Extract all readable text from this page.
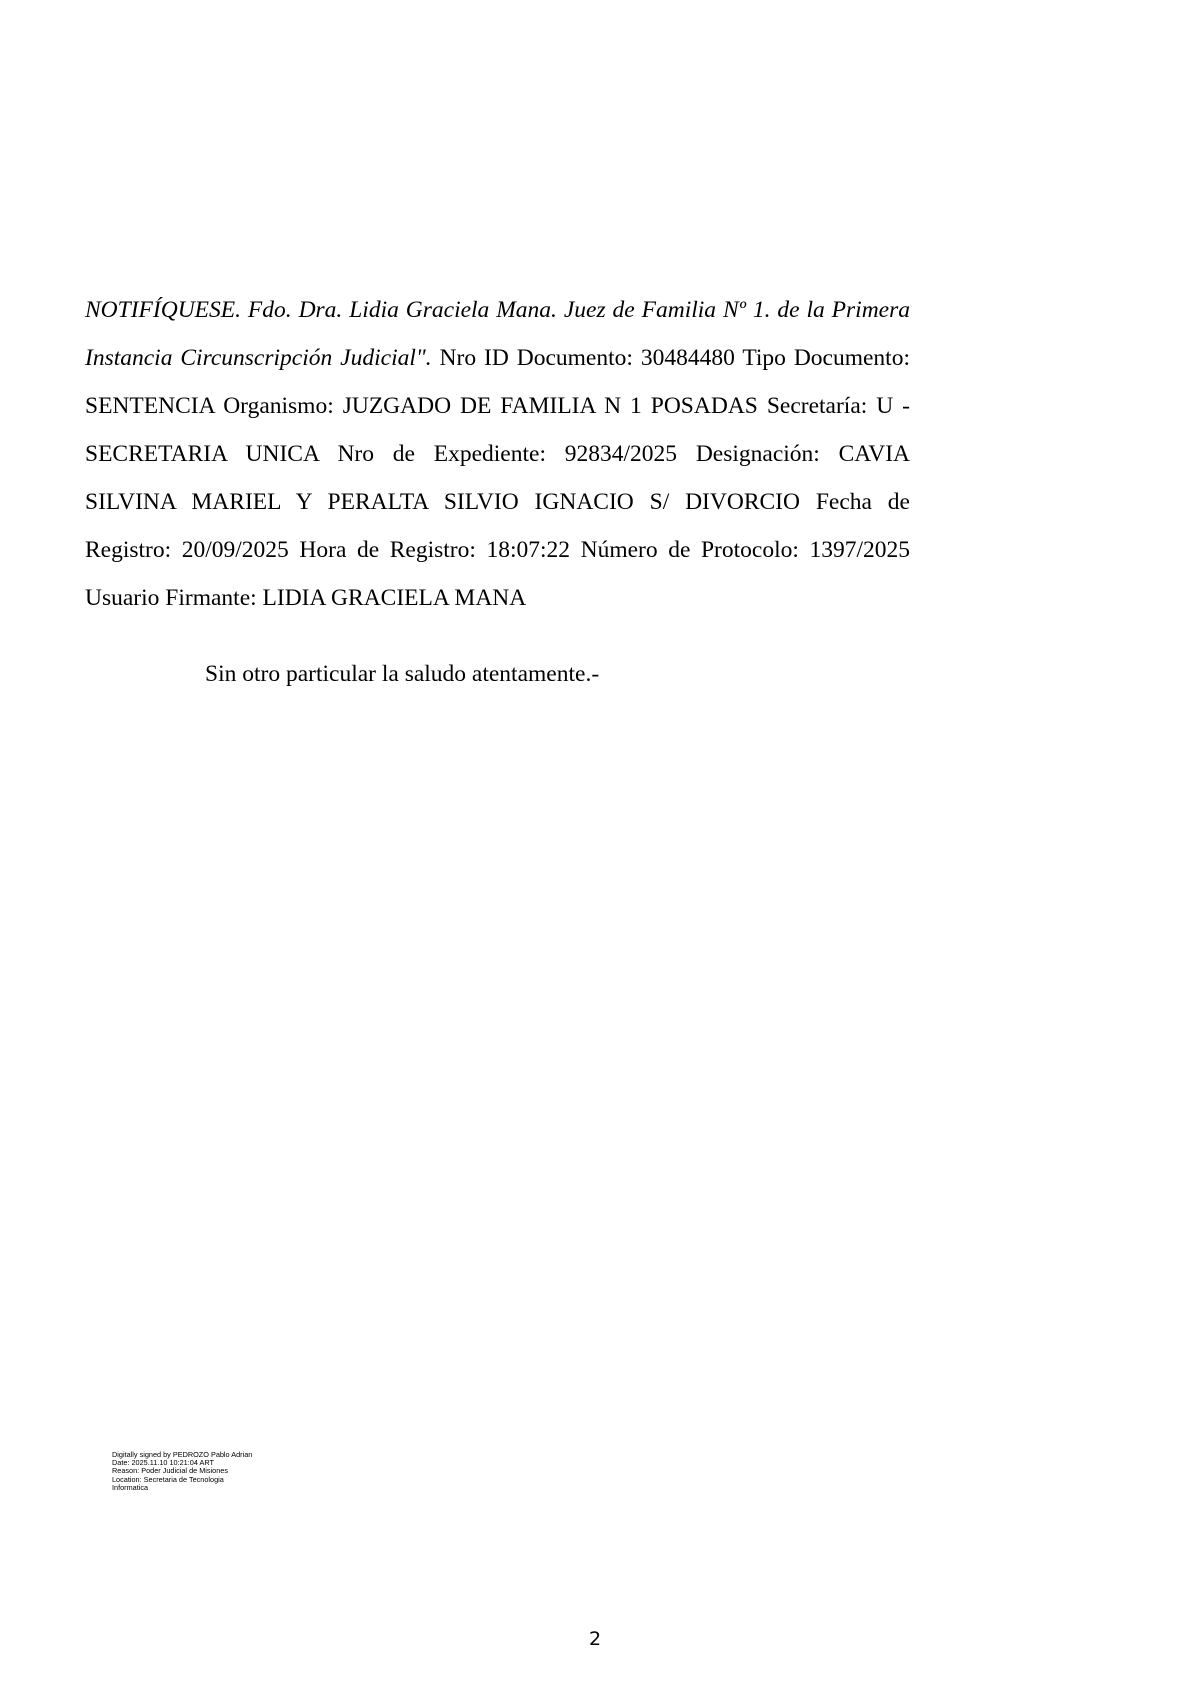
NOTIFÍQUESE. Fdo. Dra. Lidia Graciela Mana. Juez de Familia Nº 1. de la Primera Instancia Circunscripción Judicial". Nro ID Documento: 30484480 Tipo Documento: SENTENCIA Organismo: JUZGADO DE FAMILIA N 1 POSADAS Secretaría: U - SECRETARIA UNICA Nro de Expediente: 92834/2025 Designación: CAVIA SILVINA MARIEL Y PERALTA SILVIO IGNACIO S/ DIVORCIO Fecha de Registro: 20/09/2025 Hora de Registro: 18:07:22 Número de Protocolo: 1397/2025 Usuario Firmante: LIDIA GRACIELA MANA

Sin otro particular la saludo atentamente.-

Digitally signed by PEDROZO Pablo Adrian
Date: 2025.11.10 10:21:04 ART
Reason: Poder Judicial de Misiones
Location: Secretaria de Tecnologia
Informatica
2
